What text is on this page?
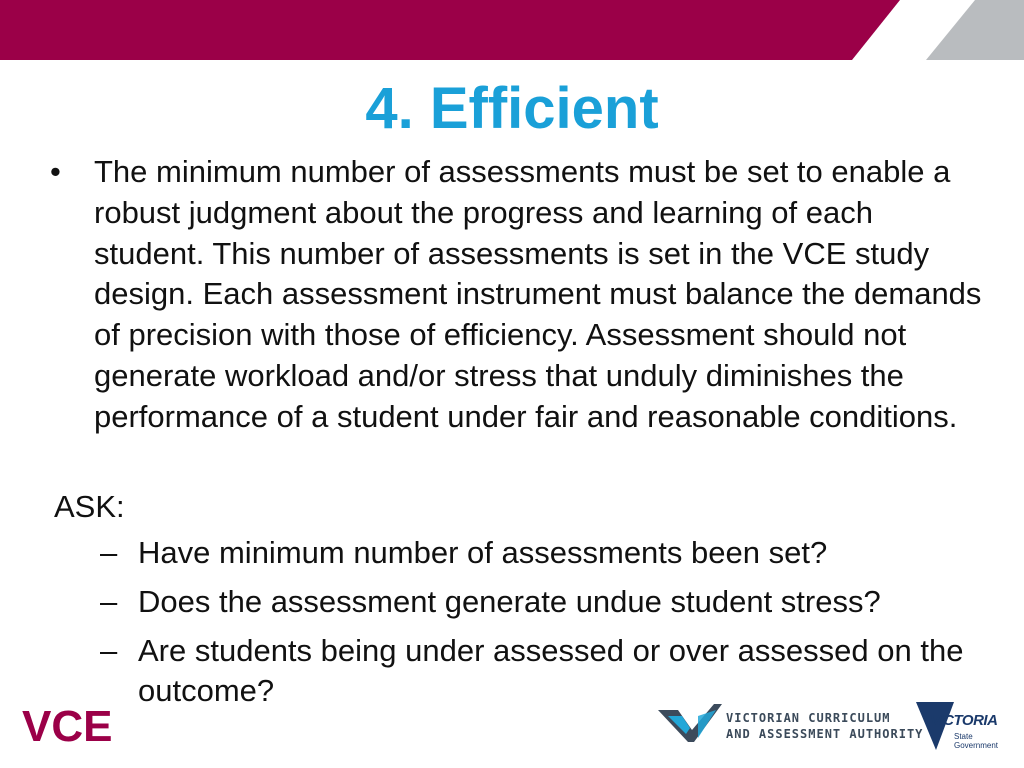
4. Efficient
•	The minimum number of assessments must be set to enable a robust judgment about the progress and learning of each student. This number of assessments is set in the VCE study design. Each assessment instrument must balance the demands of precision with those of efficiency. Assessment should not generate workload and/or stress that unduly diminishes the performance of a student under fair and reasonable conditions.
ASK:
– Have minimum number of assessments been set?
– Does the assessment generate undue student stress?
– Are students being under assessed or over assessed on the outcome?
VCE	VICTORIAN CURRICULUM
AND ASSESSMENT AUTHORITY
VICTORIA
State
Government
